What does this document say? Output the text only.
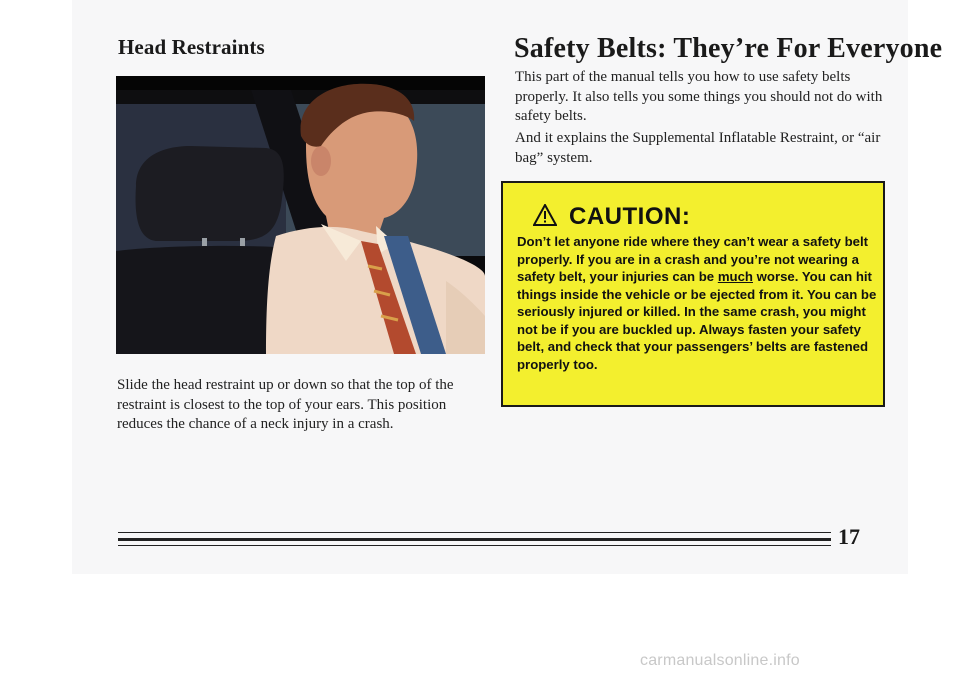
Head Restraints

Slide the head restraint up or down so that the top of the restraint is closest to the top of your ears. This position reduces the chance of a neck injury in a crash.

Safety Belts: They’re For Everyone

This part of the manual tells you how to use safety belts properly. It also tells you some things you should not do with safety belts.

And it explains the Supplemental Inflatable Restraint, or “air bag” system.

CAUTION:

Don’t let anyone ride where they can’t wear a safety belt properly. If you are in a crash and you’re not wearing a safety belt, your injuries can be much worse. You can hit things inside the vehicle or be ejected from it. You can be seriously injured or killed. In the same crash, you might not be if you are buckled up. Always fasten your safety belt, and check that your passengers’ belts are fastened properly too.

17
carmanualsonline.info
